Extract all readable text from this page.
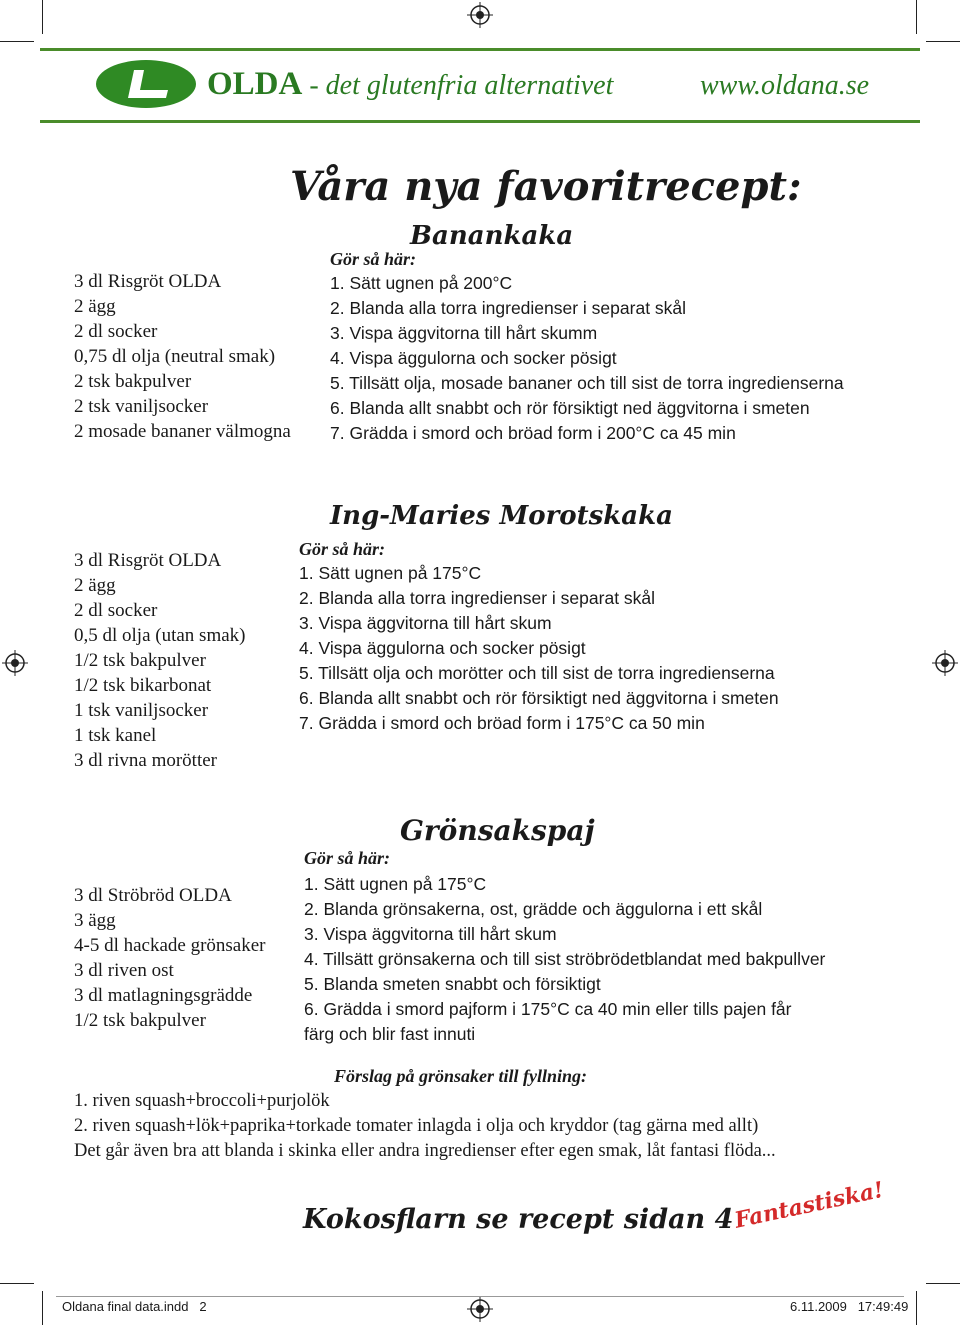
OLDA - det glutenfria alternativet	www.oldana.se
Våra nya favoritrecept:
Banankaka
3 dl Risgröt OLDA
2 ägg
2 dl socker
0,75 dl olja (neutral smak)
2 tsk bakpulver
2 tsk vaniljsocker
2 mosade bananer välmogna
Gör så här:
1. Sätt ugnen på 200°C
2. Blanda alla torra ingredienser i separat skål
3. Vispa äggvitorna till hårt skumm
4. Vispa äggulorna och socker pösigt
5. Tillsätt olja, mosade bananer och till sist de torra ingredienserna
6. Blanda allt snabbt och rör försiktigt ned äggvitorna i smeten
7. Grädda i smord och bröad form i 200°C ca 45 min
Ing-Maries Morotskaka
3 dl Risgröt OLDA
2 ägg
2 dl socker
0,5 dl olja (utan smak)
1/2 tsk bakpulver
1/2 tsk bikarbonat
1 tsk vaniljsocker
1 tsk kanel
3 dl rivna morötter
Gör så här:
1. Sätt ugnen på 175°C
2. Blanda alla torra ingredienser i separat skål
3. Vispa äggvitorna till hårt skum
4. Vispa äggulorna och socker pösigt
5. Tillsätt olja och morötter och till sist de torra ingredienserna
6. Blanda allt snabbt och rör försiktigt ned äggvitorna i smeten
7. Grädda i smord och bröad form i 175°C ca 50 min
Grönsakspaj
3 dl Ströbröd OLDA
3 ägg
4-5 dl hackade grönsaker
3 dl riven ost
3 dl matlagningsgrädde
1/2 tsk bakpulver
Gör så här:
1. Sätt ugnen på 175°C
2. Blanda grönsakerna, ost, grädde och äggulorna i ett skål
3. Vispa äggvitorna till hårt skum
4. Tillsätt grönsakerna och till sist ströbrödetblandat med bakpullver
5. Blanda smeten snabbt och försiktigt
6. Grädda i smord pajform i 175°C ca 40 min eller tills pajen får
färg och blir fast innuti
Förslag på grönsaker till fyllning:
1. riven squash+broccoli+purjolök
2. riven squash+lök+paprika+torkade tomater inlagda i olja och kryddor (tag gärna med allt)
Det går även bra att blanda i skinka eller andra ingredienser efter egen smak, låt fantasi flöda...
Kokosflarn se recept sidan 4
Fantastiska!
Oldana final data.indd   2	6.11.2009   17:49:49
